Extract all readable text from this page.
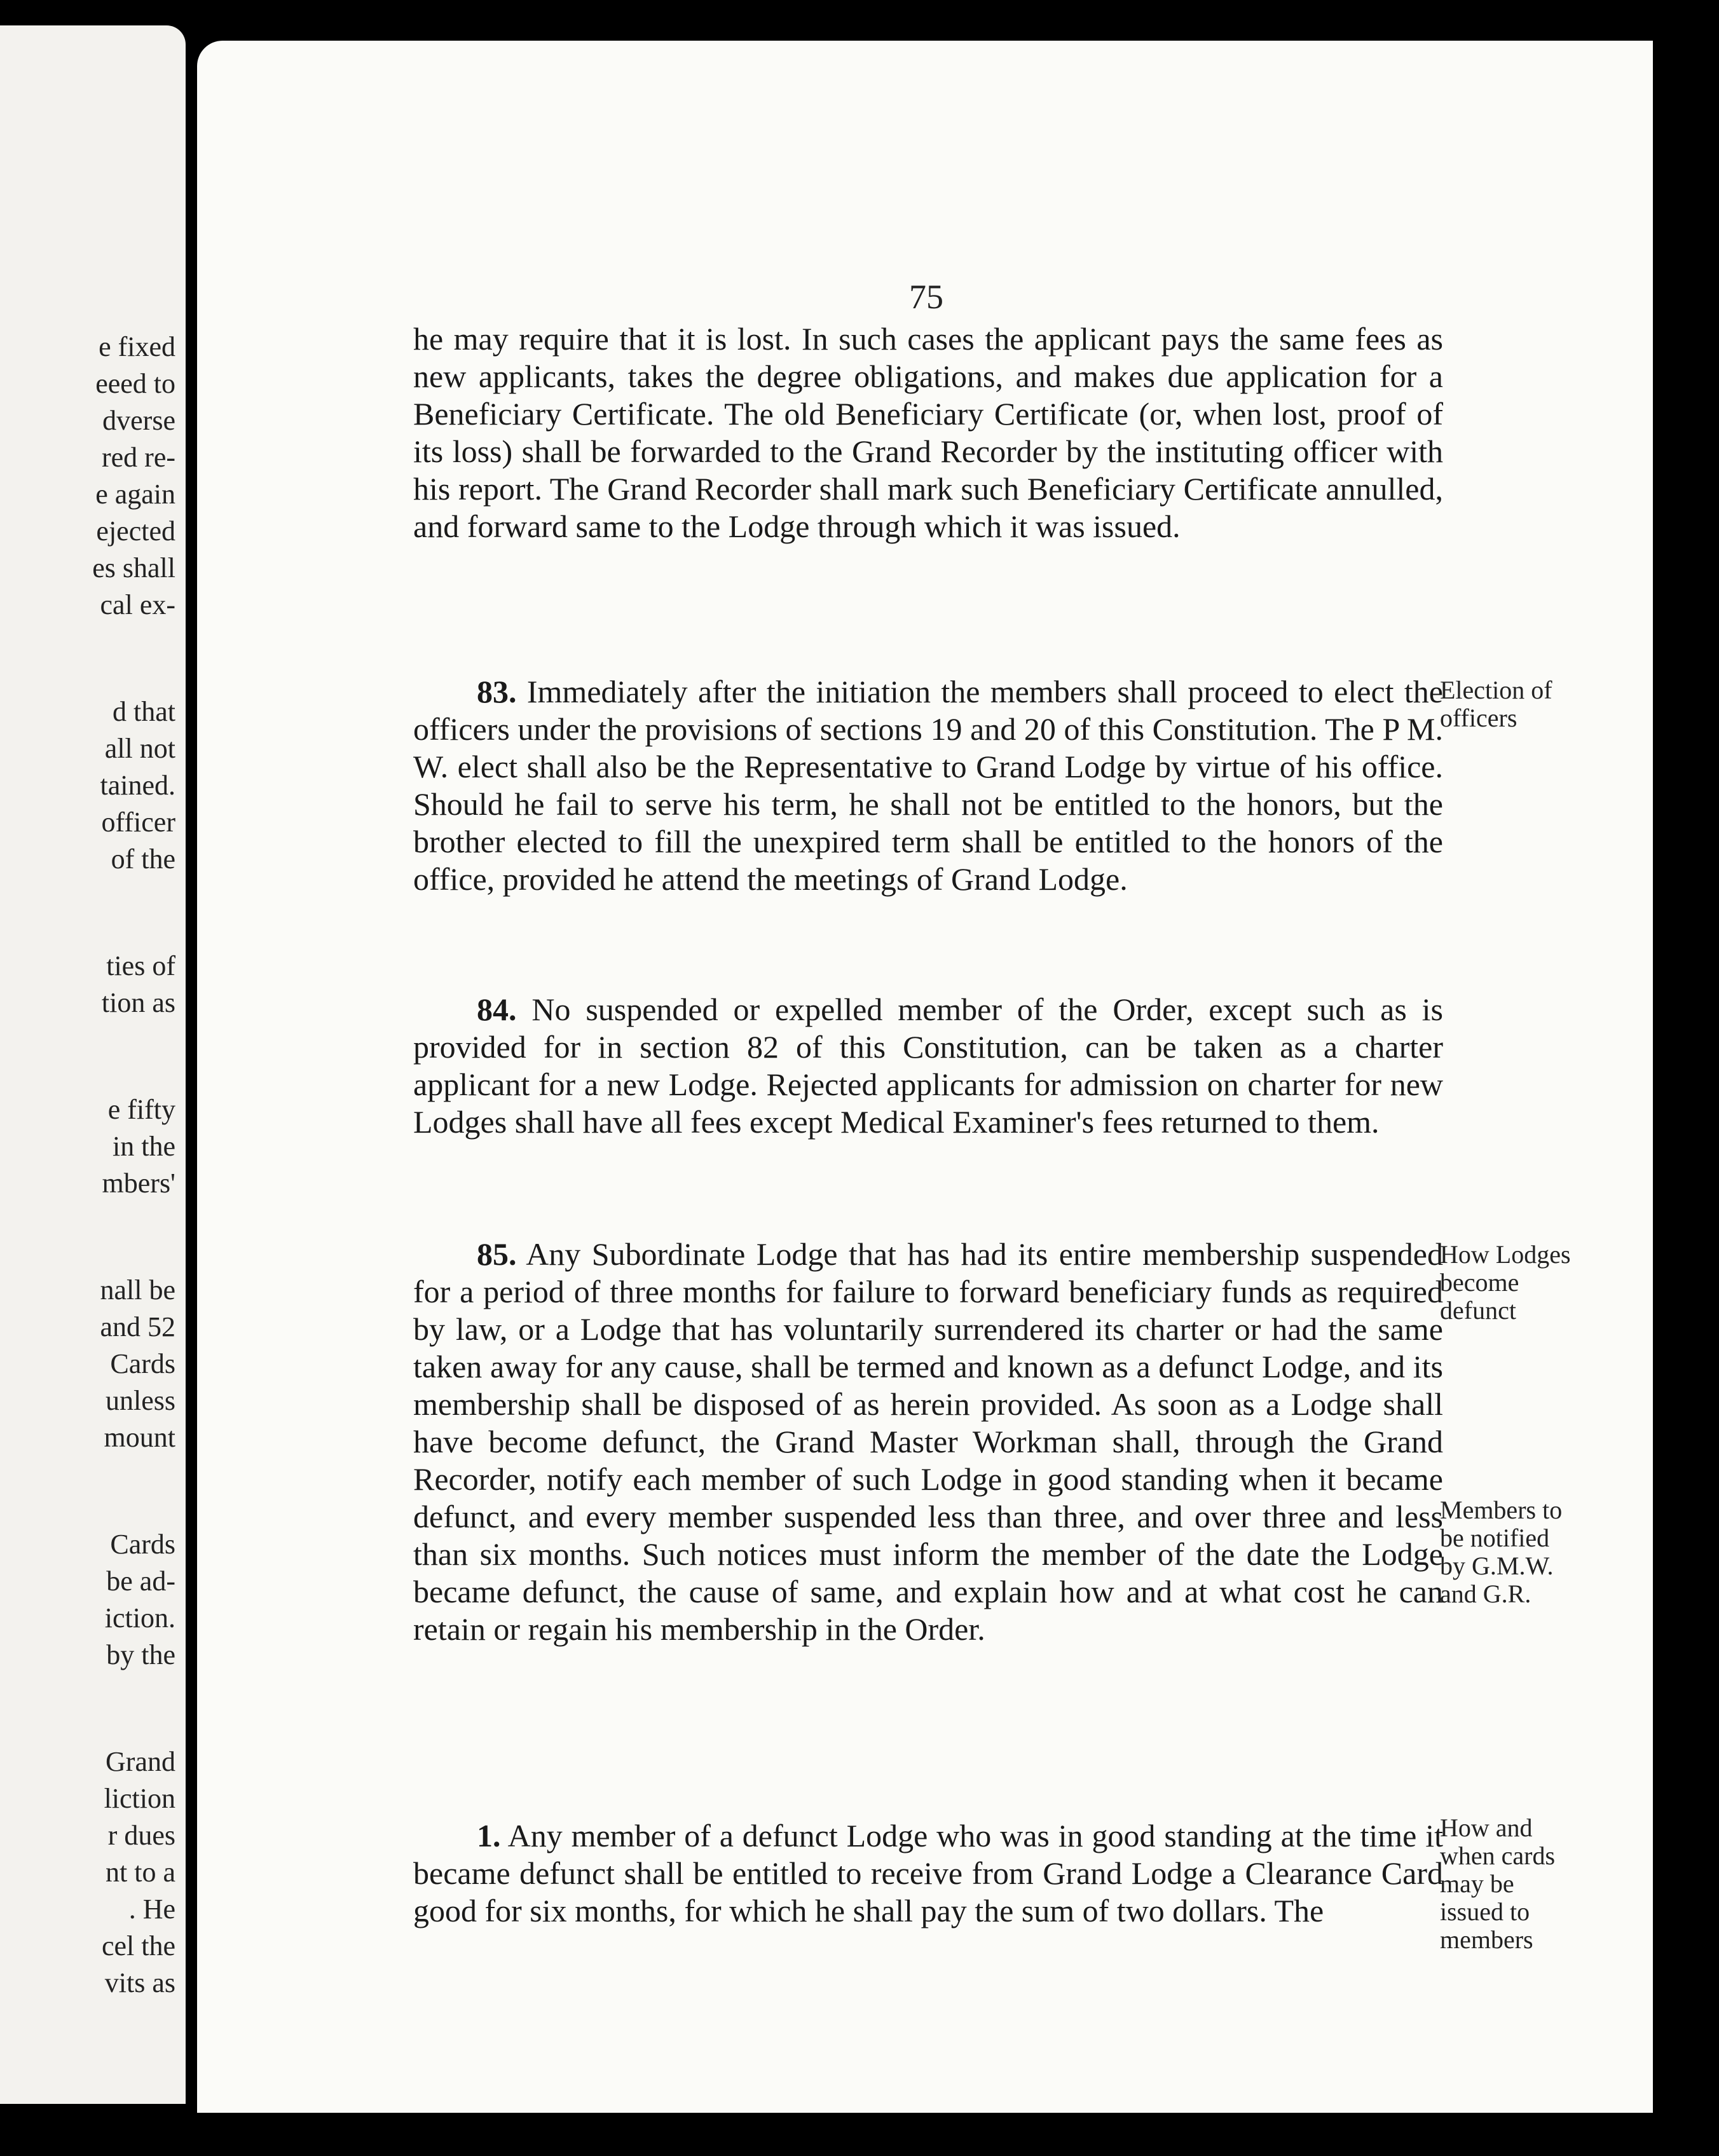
e fixed
eeed to
dverse
red re-
e again
ejected
es shall
cal ex-
d that
all not
tained.
officer
of the
ties of
tion as
e fifty
in the
mbers'
nall be
and 52
Cards
unless
mount
Cards
be ad-
iction.
by the
Grand
liction
r dues
nt to a
. He
cel the
vits as
75

he may require that it is lost. In such cases the applicant pays the same fees as new applicants, takes the degree obligations, and makes due application for a Beneficiary Certificate. The old Beneficiary Certificate (or, when lost, proof of its loss) shall be forwarded to the Grand Recorder by the instituting officer with his report. The Grand Recorder shall mark such Beneficiary Certificate annulled, and forward same to the Lodge through which it was issued.

83. Immediately after the initiation the members shall proceed to elect the officers under the provisions of sections 19 and 20 of this Constitution. The P M. W. elect shall also be the Representative to Grand Lodge by virtue of his office. Should he fail to serve his term, he shall not be entitled to the honors, but the brother elected to fill the unexpired term shall be entitled to the honors of the office, provided he attend the meetings of Grand Lodge.

84. No suspended or expelled member of the Order, except such as is provided for in section 82 of this Constitution, can be taken as a charter applicant for a new Lodge. Rejected applicants for admission on charter for new Lodges shall have all fees except Medical Examiner's fees returned to them.

85. Any Subordinate Lodge that has had its entire membership suspended for a period of three months for failure to forward beneficiary funds as required by law, or a Lodge that has voluntarily surrendered its charter or had the same taken away for any cause, shall be termed and known as a defunct Lodge, and its membership shall be disposed of as herein provided. As soon as a Lodge shall have become defunct, the Grand Master Workman shall, through the Grand Recorder, notify each member of such Lodge in good standing when it became defunct, and every member suspended less than three, and over three and less than six months. Such notices must inform the member of the date the Lodge became defunct, the cause of same, and explain how and at what cost he can retain or regain his membership in the Order.

1. Any member of a defunct Lodge who was in good standing at the time it became defunct shall be entitled to receive from Grand Lodge a Clearance Card good for six months, for which he shall pay the sum of two dollars. The

Election of
officers
How Lodges
become
defunct
Members to
be notified
by G.M.W.
and G.R.
How and
when cards
may be
issued to
members
